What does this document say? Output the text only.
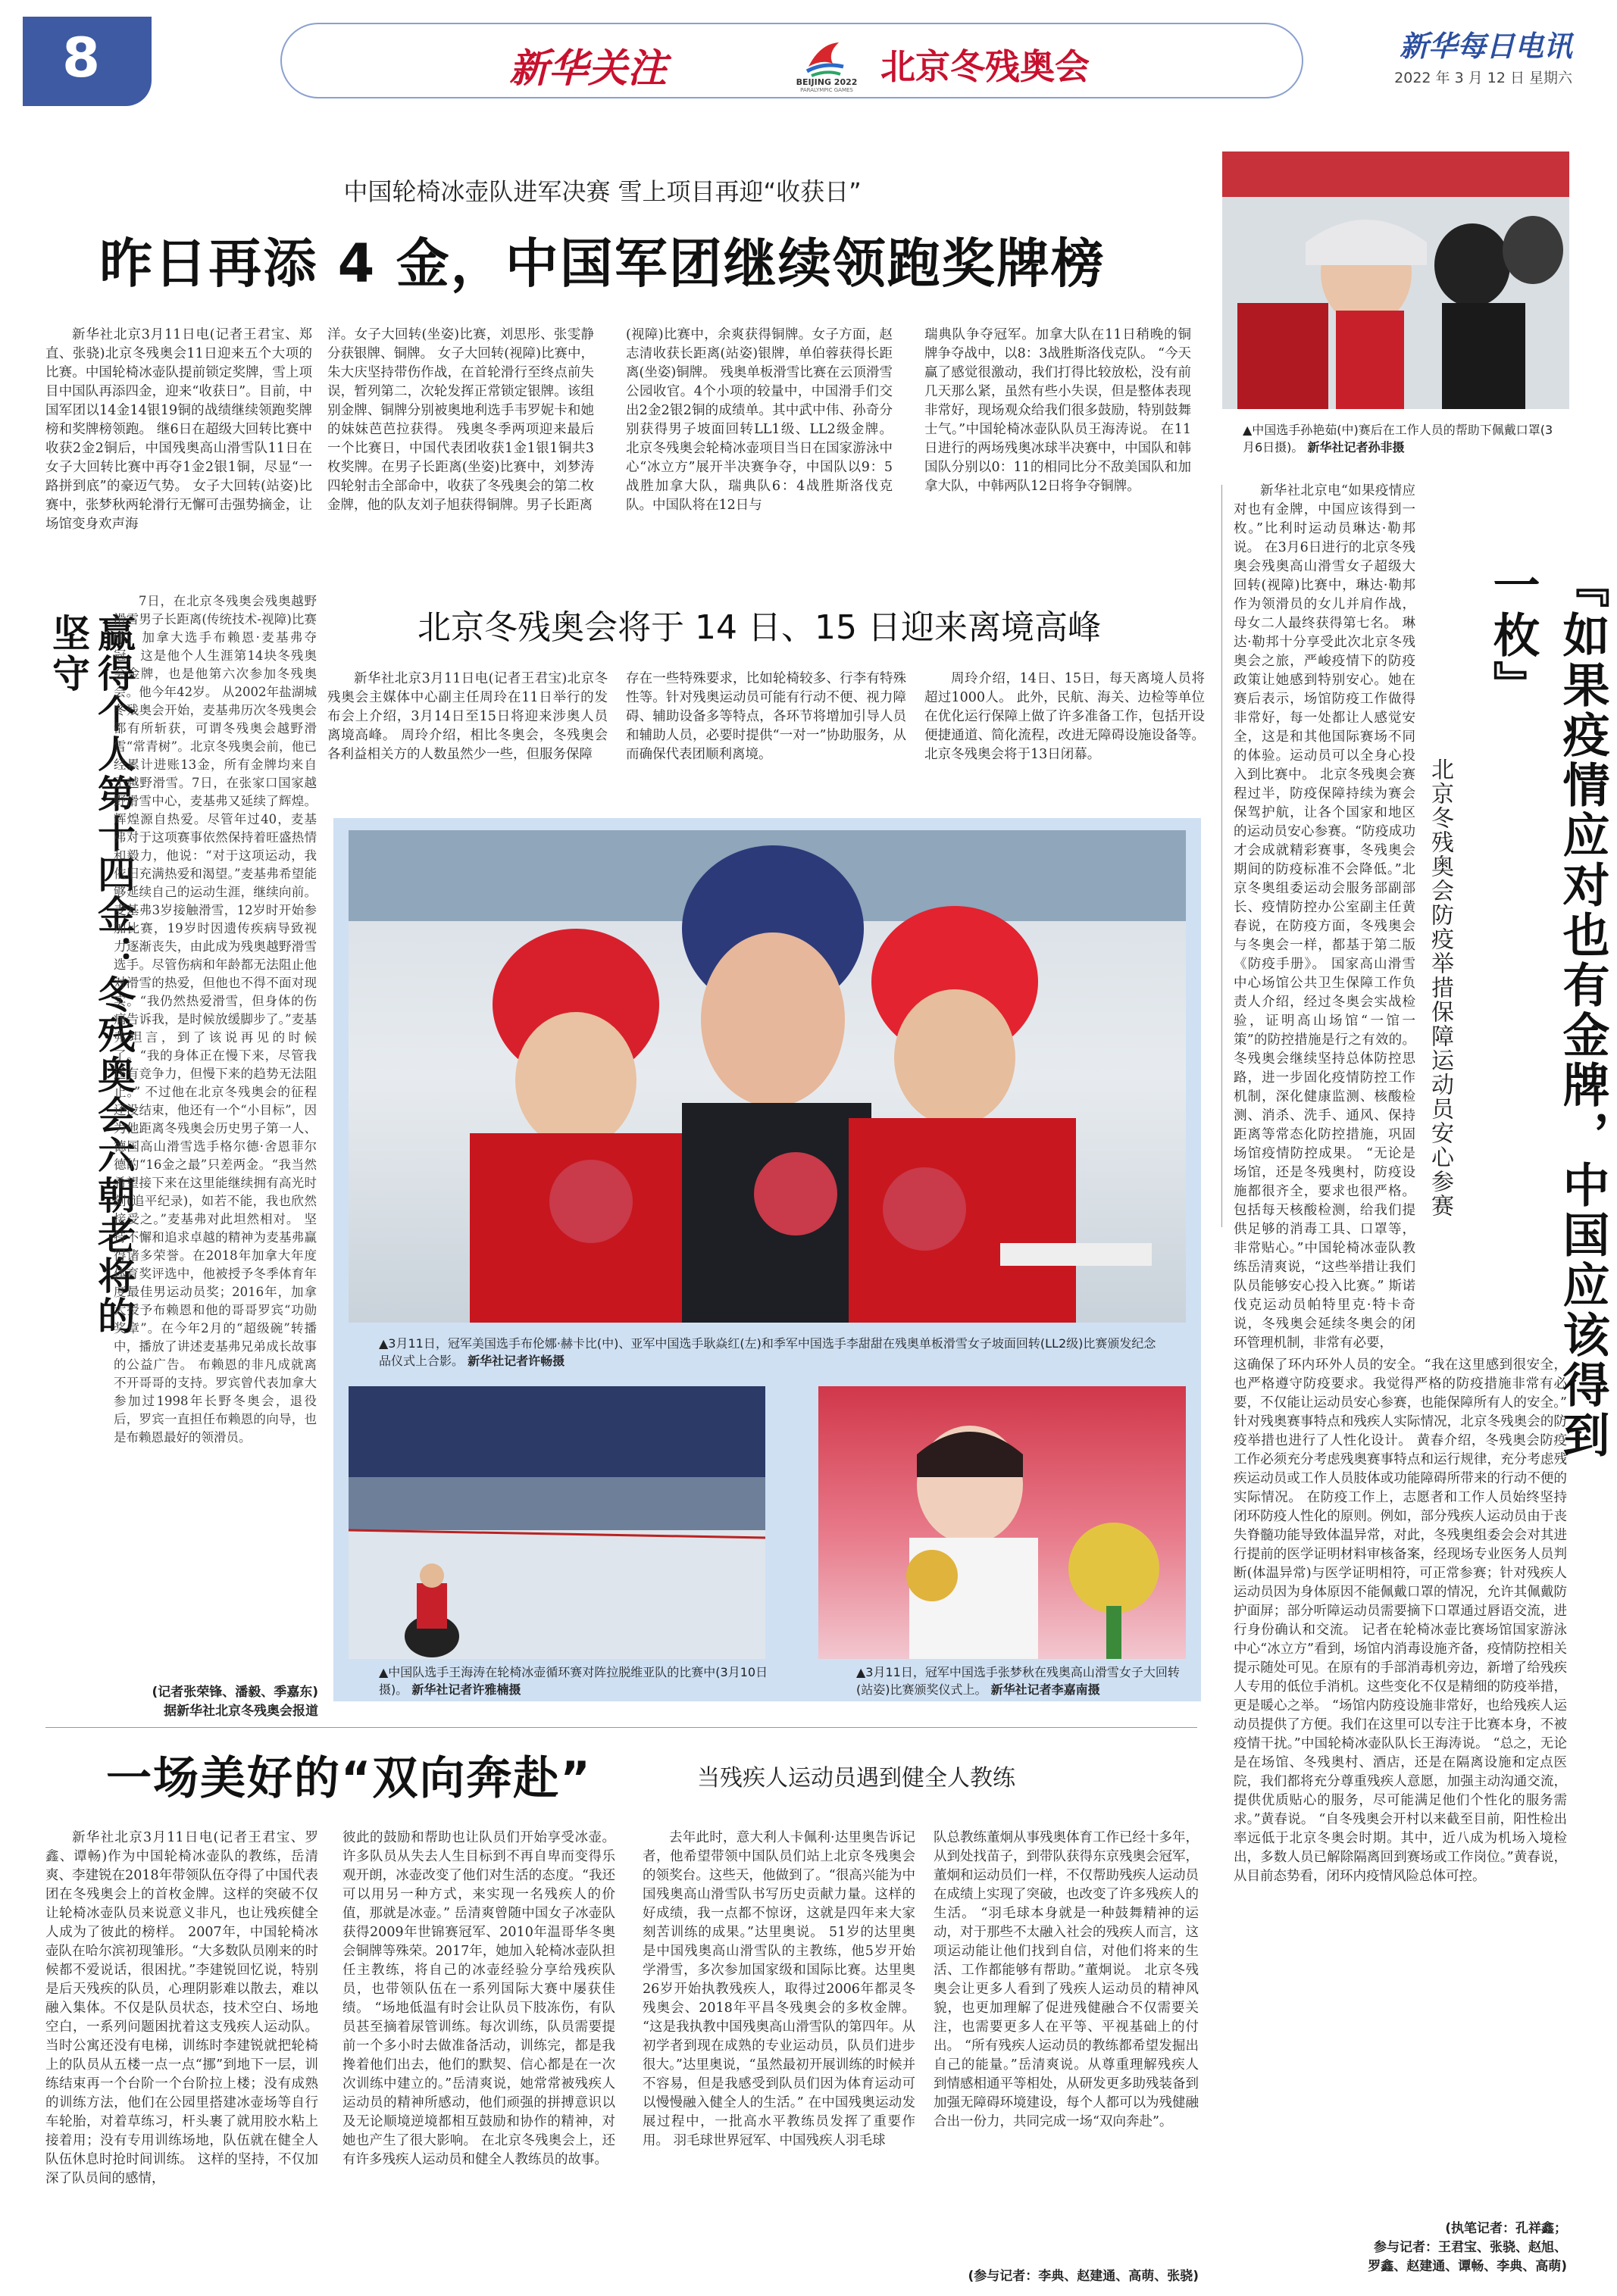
8	新华关注	BEIJING 2022
PARALYMPIC GAMES
北京冬残奥会
新华每日电讯
2022 年 3 月 12 日 星期六
中国轮椅冰壶队进军决赛 雪上项目再迎“收获日”
昨日再添 4 金，中国军团继续领跑奖牌榜

新华社北京3月11日电(记者王君宝、郑直、张骁)北京冬残奥会11日迎来五个大项的比赛。中国轮椅冰壶队提前锁定奖牌，雪上项目中国队再添四金，迎来“收获日”。目前，中国军团以14金14银19铜的战绩继续领跑奖牌榜和奖牌榜领跑。 继6日在超级大回转比赛中收获2金2铜后，中国残奥高山滑雪队11日在女子大回转比赛中再夺1金2银1铜，尽显“一路拼到底”的豪迈气势。 女子大回转(站姿)比赛中，张梦秋两轮滑行无懈可击强势摘金，让场馆变身欢声海

洋。女子大回转(坐姿)比赛，刘思彤、张雯静分获银牌、铜牌。 女子大回转(视障)比赛中，朱大庆坚持带伤作战，在首轮滑行至终点前失误，暂列第二，次轮发挥正常锁定银牌。该组别金牌、铜牌分别被奥地利选手韦罗妮卡和她的妹妹芭芭拉获得。 残奥冬季两项迎来最后一个比赛日，中国代表团收获1金1银1铜共3枚奖牌。在男子长距离(坐姿)比赛中，刘梦涛四轮射击全部命中，收获了冬残奥会的第二枚金牌，他的队友刘子旭获得铜牌。男子长距离

(视障)比赛中，余爽获得铜牌。女子方面，赵志清收获长距离(站姿)银牌，单伯蓉获得长距离(坐姿)铜牌。 残奥单板滑雪比赛在云顶滑雪公园收官。4个小项的较量中，中国滑手们交出2金2银2铜的成绩单。其中武中伟、孙奇分别获得男子坡面回转LL1级、LL2级金牌。 北京冬残奥会轮椅冰壶项目当日在国家游泳中心“冰立方”展开半决赛争夺，中国队以9：5战胜加拿大队，瑞典队6：4战胜斯洛伐克队。中国队将在12日与

瑞典队争夺冠军。加拿大队在11日稍晚的铜牌争夺战中，以8：3战胜斯洛伐克队。 “今天赢了感觉很激动，我们打得比较放松，没有前几天那么紧，虽然有些小失误，但是整体表现非常好，现场观众给我们很多鼓励，特别鼓舞士气。”中国轮椅冰壶队队员王海涛说。 在11日进行的两场残奥冰球半决赛中，中国队和韩国队分别以0：11的相同比分不敌美国队和加拿大队，中韩两队12日将争夺铜牌。

▲中国选手孙艳茹(中)赛后在工作人员的帮助下佩戴口罩(3月6日摄)。 新华社记者孙非摄
『如果疫情应对也有金牌，中国应该得到一枚』
北京冬残奥会防疫举措保障运动员安心参赛

新华社北京电“如果疫情应对也有金牌，中国应该得到一枚。”比利时运动员琳达·勒邦说。 在3月6日进行的北京冬残奥会残奥高山滑雪女子超级大回转(视障)比赛中，琳达·勒邦作为领滑员的女儿并肩作战，母女二人最终获得第七名。 琳达·勒邦十分享受此次北京冬残奥会之旅，严峻疫情下的防疫政策让她感到特别安心。她在赛后表示，场馆防疫工作做得非常好，每一处都让人感觉安全，这是和其他国际赛场不同的体验。运动员可以全身心投入到比赛中。 北京冬残奥会赛程过半，防疫保障持续为赛会保驾护航，让各个国家和地区的运动员安心参赛。“防疫成功才会成就精彩赛事，冬残奥会期间的防疫标准不会降低。”北京冬奥组委运动会服务部副部长、疫情防控办公室副主任黄春说，在防疫方面，冬残奥会与冬奥会一样，都基于第二版《防疫手册》。 国家高山滑雪中心场馆公共卫生保障工作负责人介绍，经过冬奥会实战检验，证明高山场馆“一馆一策”的防控措施是行之有效的。冬残奥会继续坚持总体防控思路，进一步固化疫情防控工作机制，深化健康监测、核酸检测、消杀、洗手、通风、保持距离等常态化防控措施，巩固场馆疫情防控成果。 “无论是场馆，还是冬残奥村，防疫设施都很齐全，要求也很严格。包括每天核酸检测，给我们提供足够的消毒工具、口罩等，非常贴心。”中国轮椅冰壶队教练岳清爽说，“这些举措让我们队员能够安心投入比赛。” 斯诺伐克运动员帕特里克·特卡奇说，冬残奥会延续冬奥会的闭环管理机制，非常有必要，

这确保了环内环外人员的安全。“我在这里感到很安全，也严格遵守防疫要求。我觉得严格的防疫措施非常有必要，不仅能让运动员安心参赛，也能保障所有人的安全。” 针对残奥赛事特点和残疾人实际情况，北京冬残奥会的防疫举措也进行了人性化设计。 黄春介绍，冬残奥会防疫工作必须充分考虑残奥赛事特点和运行规律，充分考虑残疾运动员或工作人员肢体或功能障碍所带来的行动不便的实际情况。 在防疫工作上，志愿者和工作人员始终坚持闭环防疫人性化的原则。例如，部分残疾人运动员由于丧失脊髓功能导致体温异常，对此，冬残奥组委会会对其进行提前的医学证明材料审核备案，经现场专业医务人员判断(体温异常)与医学证明相符，可正常参赛；针对残疾人运动员因为身体原因不能佩戴口罩的情况，允许其佩戴防护面屏；部分听障运动员需要摘下口罩通过唇语交流，进行身份确认和交流。 记者在轮椅冰壶比赛场馆国家游泳中心“冰立方”看到，场馆内消毒设施齐备，疫情防控相关提示随处可见。在原有的手部消毒机旁边，新增了给残疾人专用的低位手消机。这些变化不仅是精细的防疫举措，更是暖心之举。 “场馆内防疫设施非常好，也给残疾人运动员提供了方便。我们在这里可以专注于比赛本身，不被疫情干扰。”中国轮椅冰壶队队长王海涛说。 “总之，无论是在场馆、冬残奥村、酒店，还是在隔离设施和定点医院，我们都将充分尊重残疾人意愿，加强主动沟通交流，提供优质贴心的服务，尽可能满足他们个性化的服务需求。”黄春说。 “自冬残奥会开村以来截至目前，阳性检出率远低于北京冬奥会时期。其中，近八成为机场入境检出，多数人员已解除隔离回到赛场或工作岗位。”黄春说，从目前态势看，闭环内疫情风险总体可控。

(执笔记者：孔祥鑫；
参与记者：王君宝、张骁、赵旭、
罗鑫、赵建通、谭畅、李典、高萌)
赢得个人第十四金：冬残奥会六朝老将的坚守

7日，在北京冬残奥会残奥越野滑雪男子长距离(传统技术-视障)比赛中，加拿大选手布赖恩·麦基弗夺冠，这是他个人生涯第14块冬残奥会金牌，也是他第六次参加冬残奥会。他今年42岁。 从2002年盐湖城冬残奥会开始，麦基弗历次冬残奥会都有所斩获，可谓冬残奥会越野滑雪“常青树”。北京冬残奥会前，他已经累计进账13金，所有金牌均来自于越野滑雪。7日，在张家口国家越野滑雪中心，麦基弗又延续了辉煌。 辉煌源自热爱。尽管年过40，麦基弗对于这项赛事依然保持着旺盛热情和毅力，他说：“对于这项运动，我依旧充满热爱和渴望。”麦基弗希望能够延续自己的运动生涯，继续向前。 麦基弗3岁接触滑雪，12岁时开始参加比赛，19岁时因遗传疾病导致视力逐渐丧失，由此成为残奥越野滑雪选手。尽管伤病和年龄都无法阻止他对滑雪的热爱，但他也不得不面对现实。“我仍然热爱滑雪，但身体的伤痛告诉我，是时候放缓脚步了。”麦基弗坦言，到了该说再见的时候了。“我的身体正在慢下来，尽管我还有竞争力，但慢下来的趋势无法阻止。” 不过他在北京冬残奥会的征程还没结束，他还有一个“小目标”，因为他距离冬残奥会历史男子第一人、德国高山滑雪选手格尔德·舍恩菲尔德的“16金之最”只差两金。“我当然希望接下来在这里能继续拥有高光时刻(追平纪录)，如若不能，我也欣然接受之。”麦基弗对此坦然相对。 坚持不懈和追求卓越的精神为麦基弗赢得诸多荣誉。在2018年加拿大年度体育奖评选中，他被授予冬季体育年度最佳男运动员奖；2016年，加拿大授予布赖恩和他的哥哥罗宾“功勋奖章”。在今年2月的“超级碗”转播中，播放了讲述麦基弗兄弟成长故事的公益广告。 布赖恩的非凡成就离不开哥哥的支持。罗宾曾代表加拿大参加过1998年长野冬奥会，退役后，罗宾一直担任布赖恩的向导，也是布赖恩最好的领滑员。

(记者张荣锋、潘毅、季嘉东)
据新华社北京冬残奥会报道
北京冬残奥会将于 14 日、15 日迎来离境高峰

新华社北京3月11日电(记者王君宝)北京冬残奥会主媒体中心副主任周玲在11日举行的发布会上介绍，3月14日至15日将迎来涉奥人员离境高峰。 周玲介绍，相比冬奥会，冬残奥会各利益相关方的人数虽然少一些，但服务保障

存在一些特殊要求，比如轮椅较多、行李有特殊性等。针对残奥运动员可能有行动不便、视力障碍、辅助设备多等特点，各环节将增加引导人员和辅助人员，必要时提供“一对一”协助服务，从而确保代表团顺利离境。

周玲介绍，14日、15日，每天离境人员将超过1000人。 此外，民航、海关、边检等单位在优化运行保障上做了许多准备工作，包括开设便捷通道、简化流程，改进无障碍设施设备等。 北京冬残奥会将于13日闭幕。

▲3月11日，冠军美国选手布伦娜·赫卡比(中)、亚军中国选手耿焱红(左)和季军中国选手李甜甜在残奥单板滑雪女子坡面回转(LL2级)比赛颁发纪念品仪式上合影。 新华社记者许畅摄
▲中国队选手王海涛在轮椅冰壶循环赛对阵拉脱维亚队的比赛中(3月10日摄)。 新华社记者许雅楠摄
▲3月11日，冠军中国选手张梦秋在残奥高山滑雪女子大回转(站姿)比赛颁奖仪式上。 新华社记者李嘉南摄
一场美好的“双向奔赴”	当残疾人运动员遇到健全人教练

新华社北京3月11日电(记者王君宝、罗鑫、谭畅)作为中国轮椅冰壶队的教练，岳清爽、李建锐在2018年带领队伍夺得了中国代表团在冬残奥会上的首枚金牌。这样的突破不仅让轮椅冰壶队员来说意义非凡，也让残疾健全人成为了彼此的榜样。 2007年，中国轮椅冰壶队在哈尔滨初现雏形。“大多数队员刚来的时候都不爱说话，很困扰。”李建锐回忆说，特别是后天残疾的队员，心理阴影难以散去，难以融入集体。不仅是队员状态，技术空白、场地空白，一系列问题困扰着这支残疾人运动队。 当时公寓还没有电梯，训练时李建锐就把轮椅上的队员从五楼一点一点“挪”到地下一层，训练结束再一个台阶一个台阶拉上楼；没有成熟的训练方法，他们在公园里搭建冰壶场等自行车轮胎，对着草练习，杆头裹了就用胶水粘上接着用；没有专用训练场地，队伍就在健全人队伍休息时抢时间训练。 这样的坚持，不仅加深了队员间的感情，

彼此的鼓励和帮助也让队员们开始享受冰壶。许多队员从失去人生目标到不再自卑而变得乐观开朗，冰壶改变了他们对生活的态度。“我还可以用另一种方式，来实现一名残疾人的价值，那就是冰壶。” 岳清爽曾随中国女子冰壶队获得2009年世锦赛冠军、2010年温哥华冬奥会铜牌等殊荣。2017年，她加入轮椅冰壶队担任主教练，将自己的冰壶经验分享给残疾队员，也带领队伍在一系列国际大赛中屡获佳绩。 “场地低温有时会让队员下肢冻伤，有队员甚至摘着尿管训练。每次训练，队员需要提前一个多小时去做准备活动，训练完，都是我搀着他们出去，他们的默契、信心都是在一次次训练中建立的。”岳清爽说，她常常被残疾人运动员的精神所感动，他们顽强的拼搏意识以及无论顺境逆境都相互鼓励和协作的精神，对她也产生了很大影响。 在北京冬残奥会上，还有许多残疾人运动员和健全人教练员的故事。

去年此时，意大利人卡佩利·达里奥告诉记者，他希望带领中国队员们站上北京冬残奥会的领奖台。这些天，他做到了。“很高兴能为中国残奥高山滑雪队书写历史贡献力量。这样的好成绩，我一点都不惊讶，这就是四年来大家刻苦训练的成果。”达里奥说。 51岁的达里奥是中国残奥高山滑雪队的主教练，他5岁开始学滑雪，多次参加国家级和国际比赛。达里奥26岁开始执教残疾人，取得过2006年都灵冬残奥会、2018年平昌冬残奥会的多枚金牌。 “这是我执教中国残奥高山滑雪队的第四年。从初学者到现在成熟的专业运动员，队员们进步很大。”达里奥说，“虽然最初开展训练的时候并不容易，但是我感受到队员们因为体育运动可以慢慢融入健全人的生活。” 在中国残奥运动发展过程中，一批高水平教练员发挥了重要作用。 羽毛球世界冠军、中国残疾人羽毛球

队总教练董炯从事残奥体育工作已经十多年，从到处找苗子，到带队获得东京残奥会冠军，董炯和运动员们一样，不仅帮助残疾人运动员在成绩上实现了突破，也改变了许多残疾人的生活。 “羽毛球本身就是一种鼓舞精神的运动，对于那些不太融入社会的残疾人而言，这项运动能让他们找到自信，对他们将来的生活、工作都能够有帮助。”董炯说。 北京冬残奥会让更多人看到了残疾人运动员的精神风貌，也更加理解了促进残健融合不仅需要关注，也需要更多人在平等、平视基础上的付出。 “所有残疾人运动员的教练都希望发掘出自己的能量。”岳清爽说。从尊重理解残疾人到情感相通平等相处，从研发更多助残装备到加强无障碍环境建设，每个人都可以为残健融合出一份力，共同完成一场“双向奔赴”。

(参与记者：李典、赵建通、高萌、张骁)
